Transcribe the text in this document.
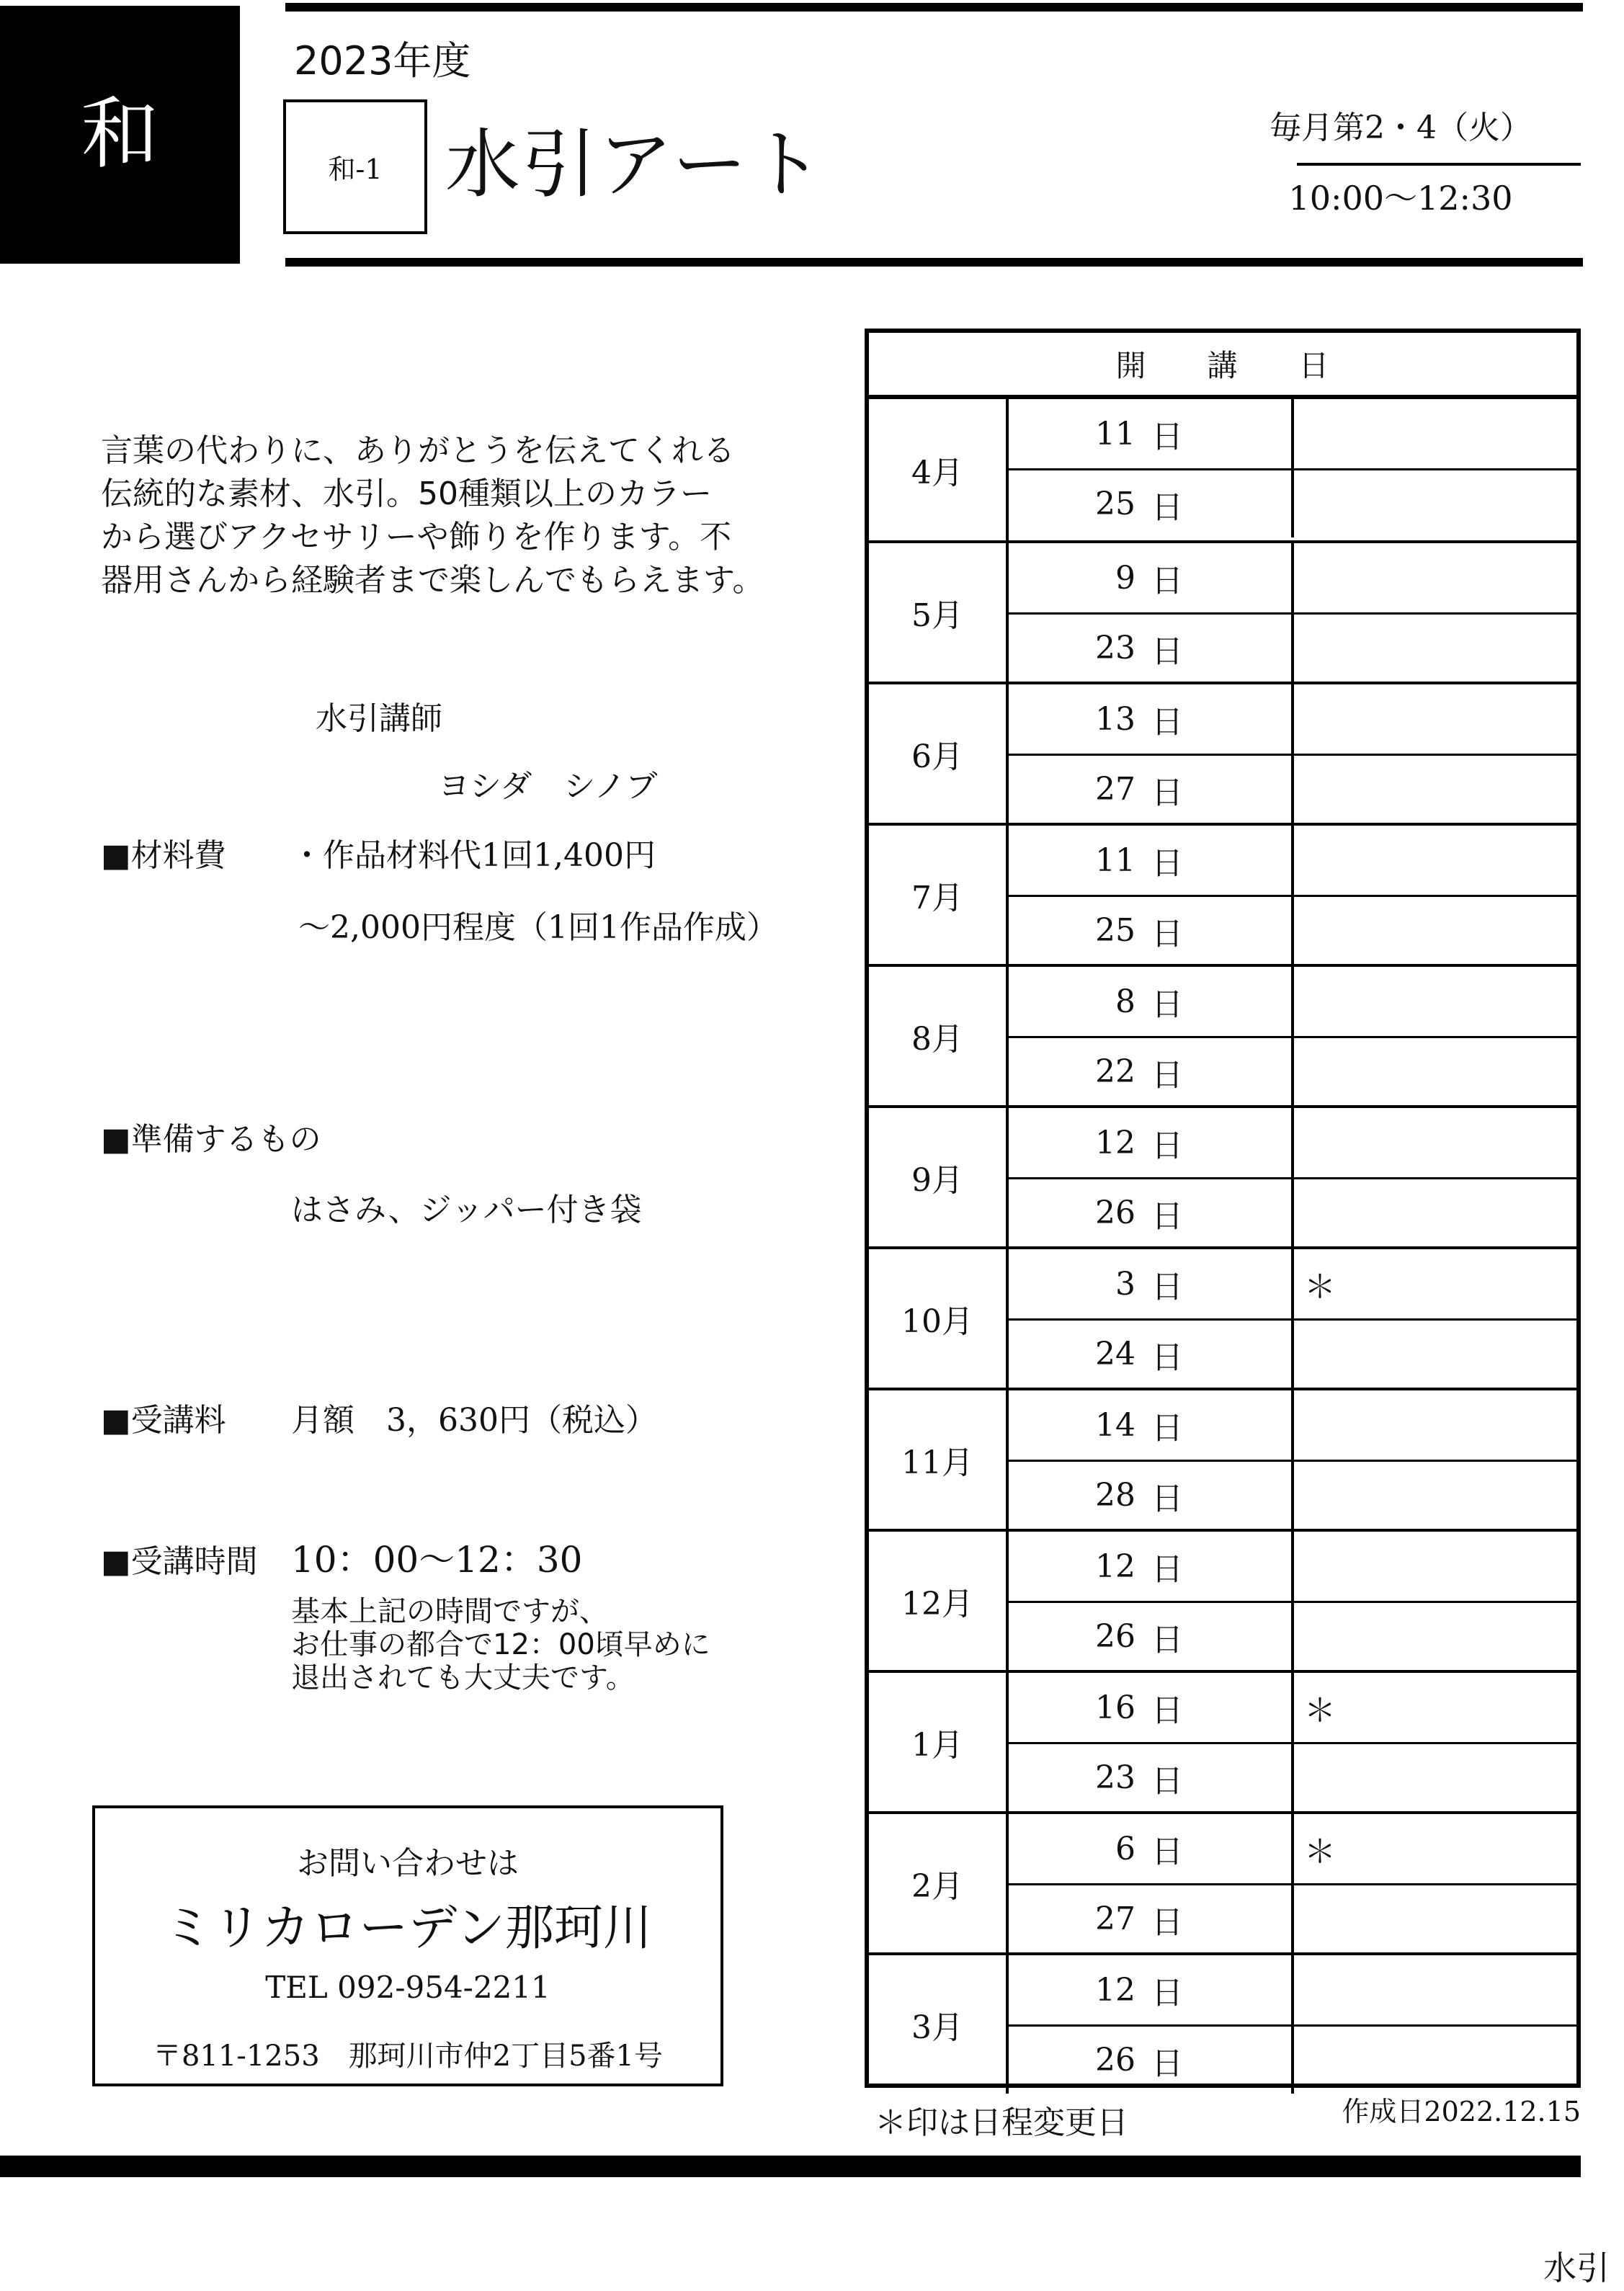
和
2023年度
和-1 水引アート	毎月第2・4（火）
10:00～12:30
言葉の代わりに、ありがとうを伝えてくれる
伝統的な素材、水引。50種類以上のカラー
から選びアクセサリーや飾りを作ります。不
器用さんから経験者まで楽しんでもらえます。
水引講師
ヨシダ　シノブ
■材料費 ・作品材料代1回1,400円
～2,000円程度（1回1作品作成）
■準備するもの
はさみ、ジッパー付き袋
■受講料 月額　3，630円（税込）
■受講時間 10：00～12：30
基本上記の時間ですが、
お仕事の都合で12：00頃早めに
退出されても大丈夫です。
お問い合わせは
ミリカローデン那珂川
TEL 092-954-2211
〒811-1253　那珂川市仲2丁目5番1号
開 講 日
4月
11 日
25 日
5月
9 日
23 日
6月
13 日
27 日
7月
11 日
25 日
8月
8 日
22 日
9月
12 日
26 日
10月
3 日	＊
24 日
11月
14 日
28 日
12月
12 日
26 日
1月
16 日	＊
23 日
2月
6 日	＊
27 日
3月
12 日
26 日
＊印は日程変更日	作成日2022.12.15
水引
